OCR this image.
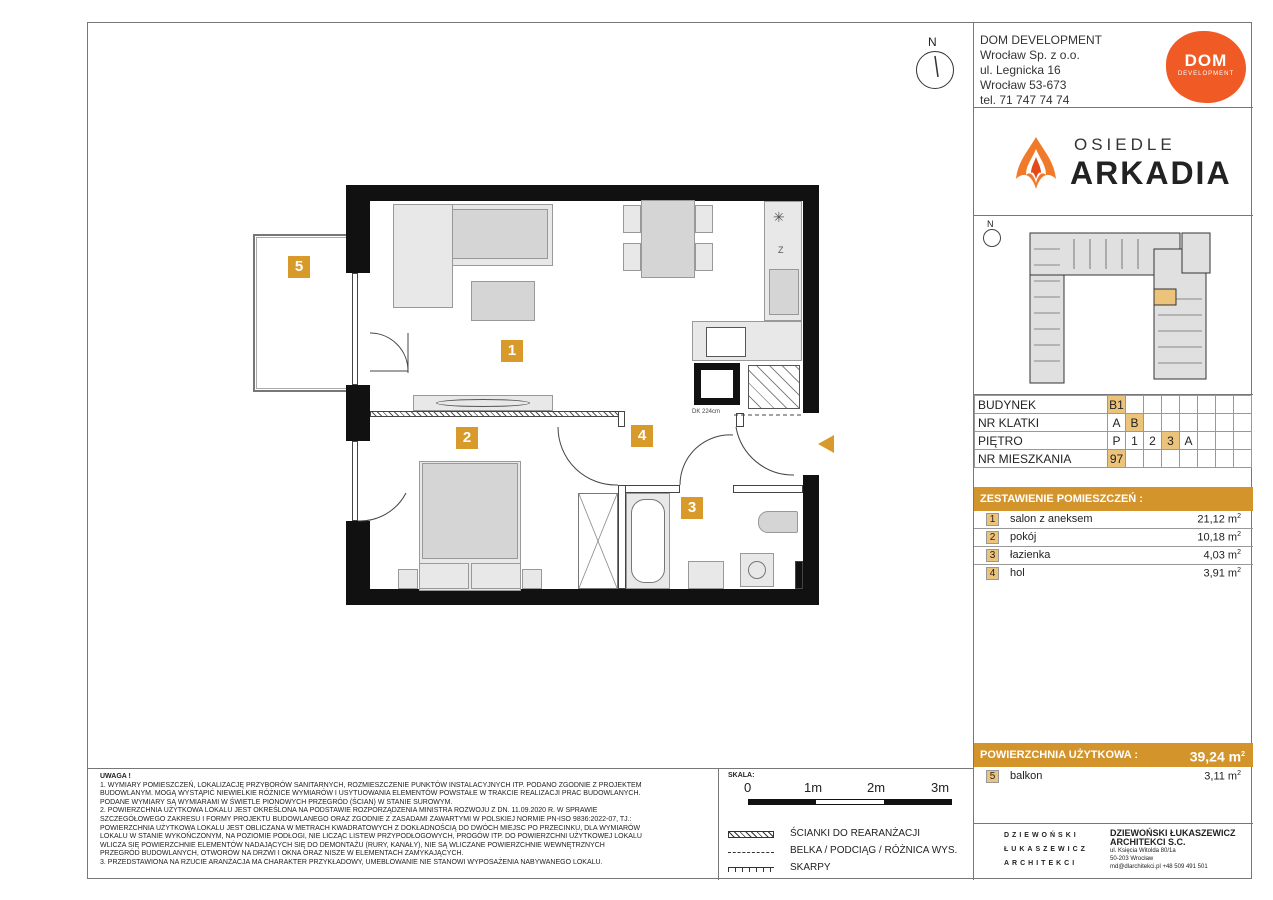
N
✳
Z
DK 224cm
5
1
2	4
3
UWAGA !
1. WYMIARY POMIESZCZEŃ, LOKALIZACJĘ PRZYBORÓW SANITARNYCH, ROZMIESZCZENIE PUNKTÓW INSTALACYJNYCH ITP. PODANO ZGODNIE Z PROJEKTEM
BUDOWLANYM. MOGĄ WYSTĄPIĆ NIEWIELKIE RÓŻNICE WYMIARÓW I USYTUOWANIA ELEMENTÓW POWSTAŁE W TRAKCIE REALIZACJI PRAC BUDOWLANYCH.
PODANE WYMIARY SĄ WYMIARAMI W ŚWIETLE PIONOWYCH PRZEGRÓD (ŚCIAN) W STANIE SUROWYM.
2. POWIERZCHNIA UŻYTKOWA LOKALU JEST OKREŚLONA NA PODSTAWIE ROZPORZĄDZENIA MINISTRA ROZWOJU Z DN. 11.09.2020 R. W SPRAWIE
SZCZEGÓŁOWEGO ZAKRESU I FORMY PROJEKTU BUDOWLANEGO ORAZ ZGODNIE Z ZASADAMI ZAWARTYMI W POLSKIEJ NORMIE PN-ISO 9836:2022-07, TJ.:
POWIERZCHNIA UŻYTKOWA LOKALU JEST OBLICZANA W METRACH KWADRATOWYCH Z DOKŁADNOŚCIĄ DO DWÓCH MIEJSC PO PRZECINKU, DLA WYMIARÓW
LOKALU W STANIE WYKOŃCZONYM, NA POZIOMIE PODŁOGI, NIE LICZĄC LISTEW PRZYPODŁOGOWYCH, PROGÓW ITP. DO POWIERZCHNI UŻYTKOWEJ LOKALU
WLICZA SIĘ POWIERZCHNIE ELEMENTÓW NADAJĄCYCH SIĘ DO DEMONTAŻU (RURY, KANAŁY), NIE SĄ WLICZANE POWIERZCHNIE WEWNĘTRZNYCH
PRZEGRÓD BUDOWLANYCH, OTWORÓW NA DRZWI I OKNA ORAZ NISZE W ELEMENTACH ZAMYKAJĄCYCH.
3. PRZEDSTAWIONA NA RZUCIE ARANŻACJA MA CHARAKTER PRZYKŁADOWY, UMEBLOWANIE NIE STANOWI WYPOSAŻENIA NABYWANEGO LOKALU.
SKALA:
0	1m	2m	3m
ŚCIANKI DO REARANŻACJI
BELKA / PODCIĄG / RÓŻNICA WYS.
SKARPY
DOM DEVELOPMENT
Wrocław Sp. z o.o.
ul. Legnicka 16
Wrocław 53-673
tel. 71 747 74 74
DOM
DEVELOPMENT
OSIEDLE
ARKADIA
N
BUDYNEK	B1							
NR KLATKI	A	B						
PIĘTRO	P	1	2	3	A			
NR MIESZKANIA	97							
ZESTAWIENIE POMIESZCZEŃ :
1	salon z aneksem	21,12 $m^2$
2	pokój	10,18 $m^2$
3	łazienka	4,03 $m^2$
4	hol	3,91 $m^2$
POWIERZCHNIA UŻYTKOWA :	39,24 $m^2$
5	balkon	3,11 $m^2$
DZIEWOŃSKI
ŁUKASZEWICZ
ARCHITEKCI
DZIEWOŃSKI ŁUKASZEWICZ
ARCHITEKCI S.C.
ul. Księcia Witolda 80/1a
50-203 Wrocław
md@dlarchitekci.pl +48 509 491 501
